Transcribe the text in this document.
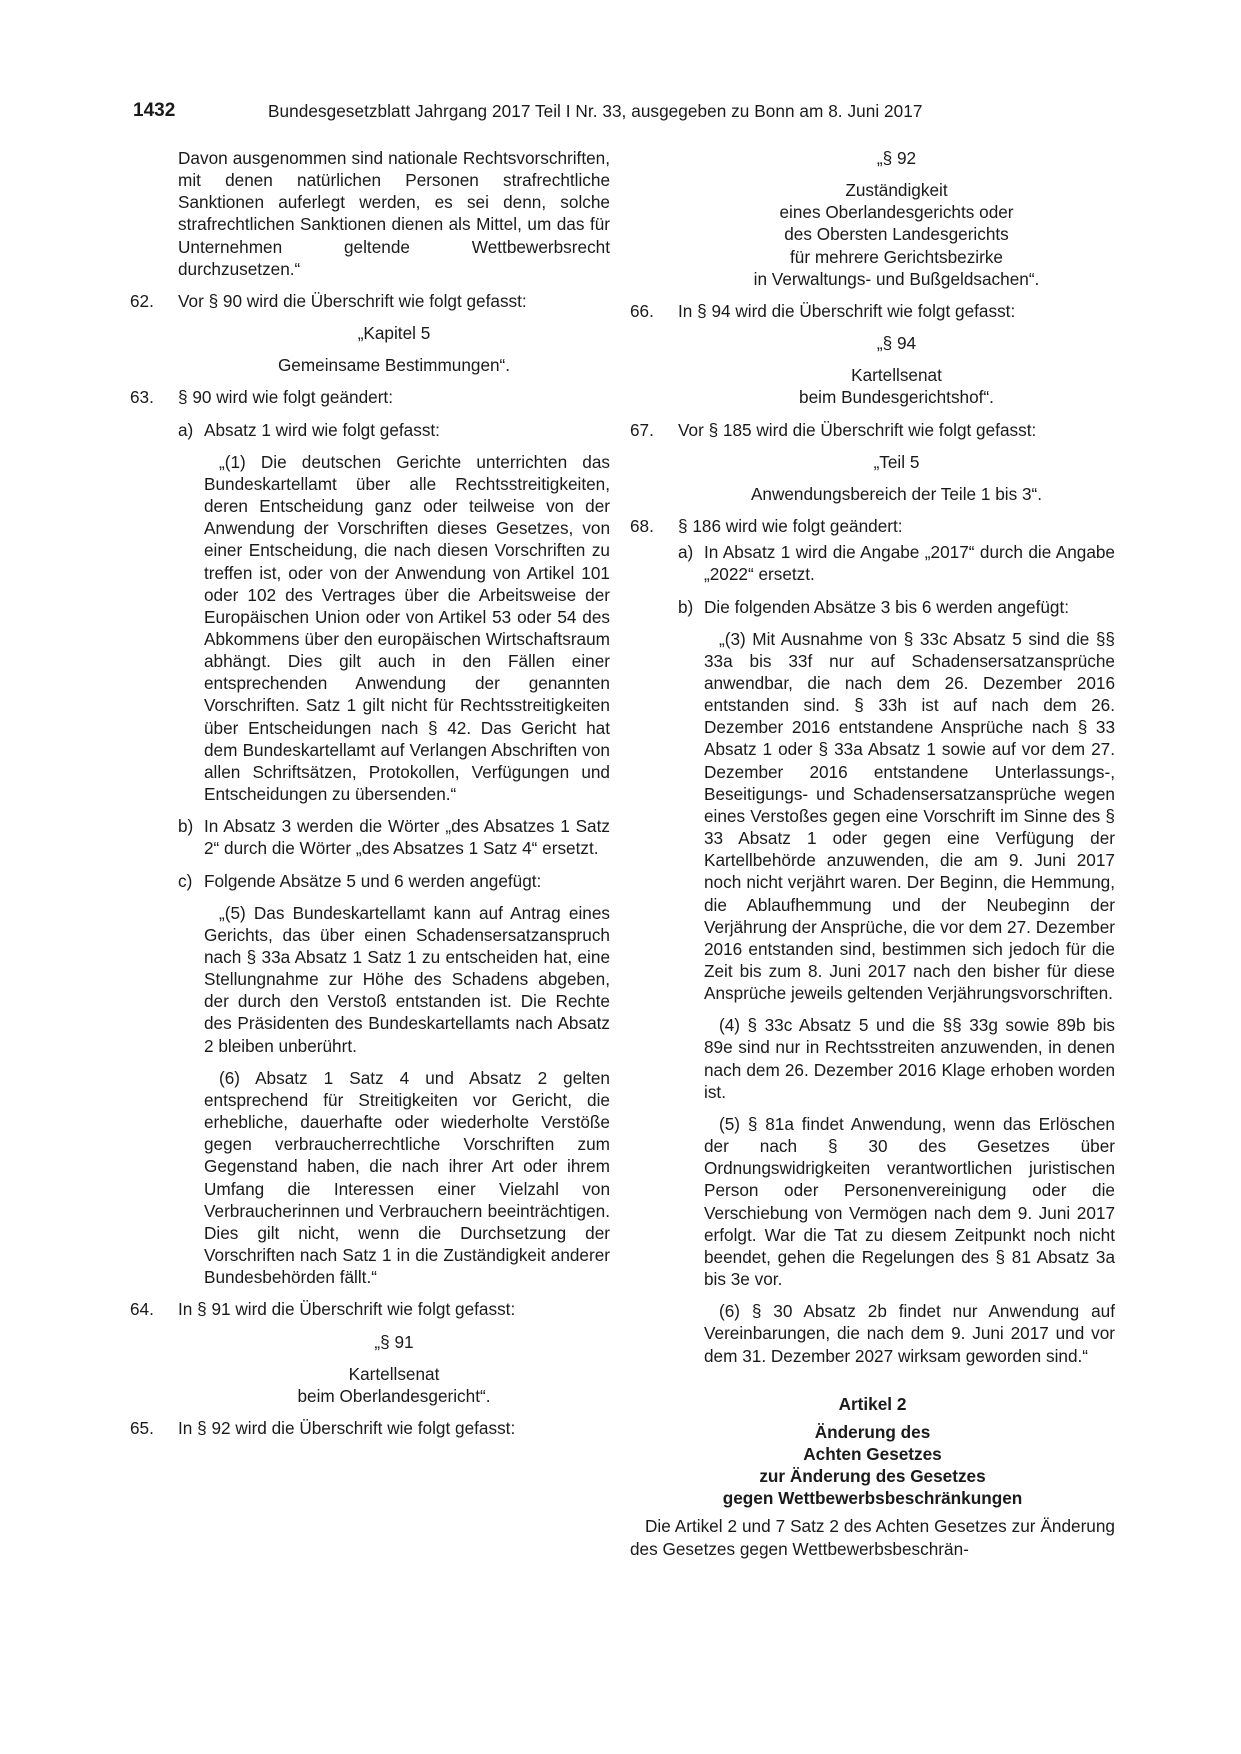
1432	Bundesgesetzblatt Jahrgang 2017 Teil I Nr. 33, ausgegeben zu Bonn am 8. Juni 2017

Davon ausgenommen sind nationale Rechtsvorschriften, mit denen natürlichen Personen strafrechtliche Sanktionen auferlegt werden, es sei denn, solche strafrechtlichen Sanktionen dienen als Mittel, um das für Unternehmen geltende Wettbewerbsrecht durchzusetzen.“

62.	Vor § 90 wird die Überschrift wie folgt gefasst:

„Kapitel 5

Gemeinsame Bestimmungen“.

63.	§ 90 wird wie folgt geändert:
a) Absatz 1 wird wie folgt gefasst:

„(1) Die deutschen Gerichte unterrichten das Bundeskartellamt über alle Rechtsstreitigkeiten, deren Entscheidung ganz oder teilweise von der Anwendung der Vorschriften dieses Gesetzes, von einer Entscheidung, die nach diesen Vorschriften zu treffen ist, oder von der Anwendung von Artikel 101 oder 102 des Vertrages über die Arbeitsweise der Europäischen Union oder von Artikel 53 oder 54 des Abkommens über den europäischen Wirtschaftsraum abhängt. Dies gilt auch in den Fällen einer entsprechenden Anwendung der genannten Vorschriften. Satz 1 gilt nicht für Rechtsstreitigkeiten über Entscheidungen nach § 42. Das Gericht hat dem Bundeskartellamt auf Verlangen Abschriften von allen Schriftsätzen, Protokollen, Verfügungen und Entscheidungen zu übersenden.“

b) In Absatz 3 werden die Wörter „des Absatzes 1 Satz 2“ durch die Wörter „des Absatzes 1 Satz 4“ ersetzt.
c) Folgende Absätze 5 und 6 werden angefügt:

„(5) Das Bundeskartellamt kann auf Antrag eines Gerichts, das über einen Schadensersatzanspruch nach § 33a Absatz 1 Satz 1 zu entscheiden hat, eine Stellungnahme zur Höhe des Schadens abgeben, der durch den Verstoß entstanden ist. Die Rechte des Präsidenten des Bundeskartellamts nach Absatz 2 bleiben unberührt.

(6) Absatz 1 Satz 4 und Absatz 2 gelten entsprechend für Streitigkeiten vor Gericht, die erhebliche, dauerhafte oder wiederholte Verstöße gegen verbraucherrechtliche Vorschriften zum Gegenstand haben, die nach ihrer Art oder ihrem Umfang die Interessen einer Vielzahl von Verbraucherinnen und Verbrauchern beeinträchtigen. Dies gilt nicht, wenn die Durchsetzung der Vorschriften nach Satz 1 in die Zuständigkeit anderer Bundesbehörden fällt.“

64.	In § 91 wird die Überschrift wie folgt gefasst:

„§ 91

Kartellsenat

beim Oberlandesgericht“.

65.	In § 92 wird die Überschrift wie folgt gefasst:

„§ 92

Zuständigkeit

eines Oberlandesgerichts oder

des Obersten Landesgerichts

für mehrere Gerichtsbezirke

in Verwaltungs- und Bußgeldsachen“.

66.	In § 94 wird die Überschrift wie folgt gefasst:

„§ 94

Kartellsenat

beim Bundesgerichtshof“.

67.	Vor § 185 wird die Überschrift wie folgt gefasst:

„Teil 5

Anwendungsbereich der Teile 1 bis 3“.

68.	§ 186 wird wie folgt geändert:
a) In Absatz 1 wird die Angabe „2017“ durch die Angabe „2022“ ersetzt.
b) Die folgenden Absätze 3 bis 6 werden angefügt:

„(3) Mit Ausnahme von § 33c Absatz 5 sind die §§ 33a bis 33f nur auf Schadensersatzansprüche anwendbar, die nach dem 26. Dezember 2016 entstanden sind. § 33h ist auf nach dem 26. Dezember 2016 entstandene Ansprüche nach § 33 Absatz 1 oder § 33a Absatz 1 sowie auf vor dem 27. Dezember 2016 entstandene Unterlassungs-, Beseitigungs- und Schadensersatzansprüche wegen eines Verstoßes gegen eine Vorschrift im Sinne des § 33 Absatz 1 oder gegen eine Verfügung der Kartellbehörde anzuwenden, die am 9. Juni 2017 noch nicht verjährt waren. Der Beginn, die Hemmung, die Ablaufhemmung und der Neubeginn der Verjährung der Ansprüche, die vor dem 27. Dezember 2016 entstanden sind, bestimmen sich jedoch für die Zeit bis zum 8. Juni 2017 nach den bisher für diese Ansprüche jeweils geltenden Verjährungsvorschriften.

(4) § 33c Absatz 5 und die §§ 33g sowie 89b bis 89e sind nur in Rechtsstreiten anzuwenden, in denen nach dem 26. Dezember 2016 Klage erhoben worden ist.

(5) § 81a findet Anwendung, wenn das Erlöschen der nach § 30 des Gesetzes über Ordnungswidrigkeiten verantwortlichen juristischen Person oder Personenvereinigung oder die Verschiebung von Vermögen nach dem 9. Juni 2017 erfolgt. War die Tat zu diesem Zeitpunkt noch nicht beendet, gehen die Regelungen des § 81 Absatz 3a bis 3e vor.

(6) § 30 Absatz 2b findet nur Anwendung auf Vereinbarungen, die nach dem 9. Juni 2017 und vor dem 31. Dezember 2027 wirksam geworden sind.“

Artikel 2

Änderung des

Achten Gesetzes

zur Änderung des Gesetzes

gegen Wettbewerbsbeschränkungen

Die Artikel 2 und 7 Satz 2 des Achten Gesetzes zur Änderung des Gesetzes gegen Wettbewerbsbeschrän-
